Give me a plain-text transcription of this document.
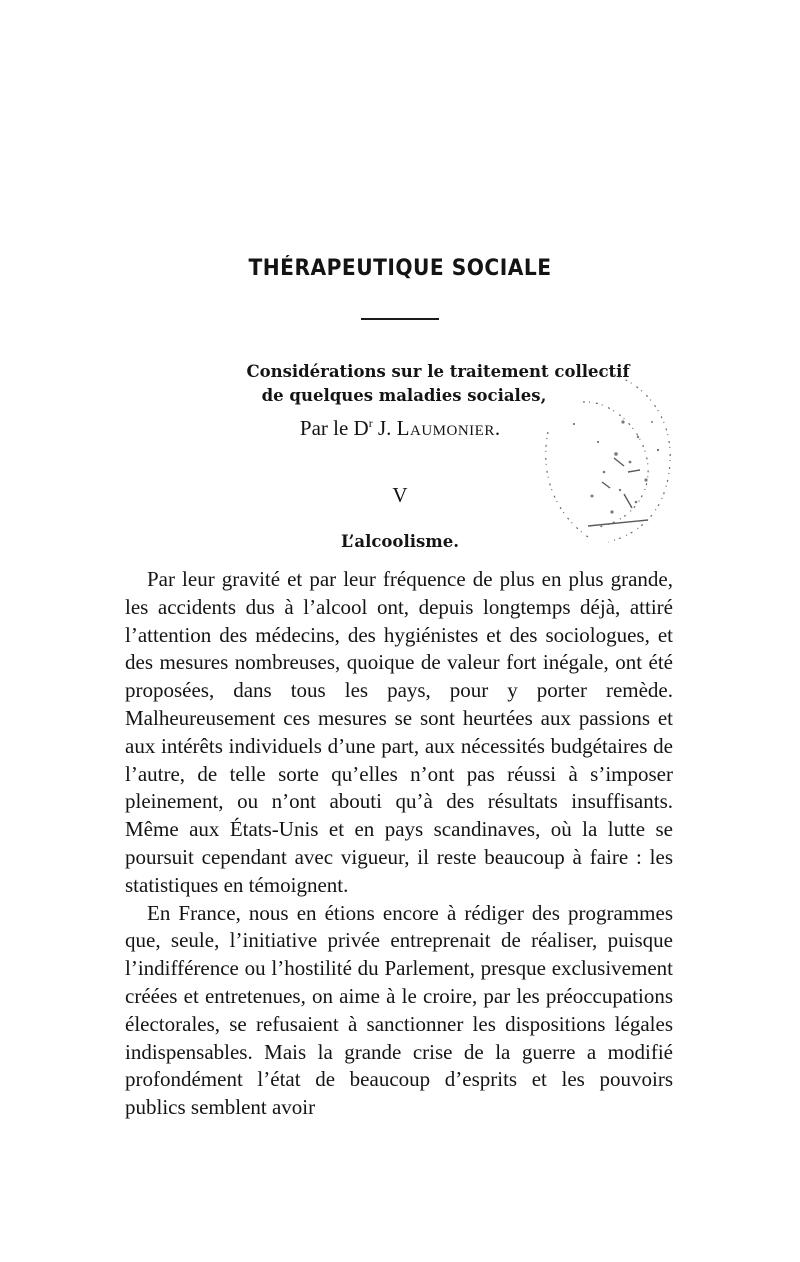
THÉRAPEUTIQUE SOCIALE
Considérations sur le traitement collectif
de quelques maladies sociales,
Par le $D^r$ J. Laumonier.
V
L’alcoolisme.

Par leur gravité et par leur fréquence de plus en plus grande, les accidents dus à l’alcool ont, depuis longtemps déjà, attiré l’attention des médecins, des hygiénistes et des sociologues, et des mesures nombreuses, quoique de valeur fort inégale, ont été proposées, dans tous les pays, pour y porter remède. Malheureusement ces mesures se sont heurtées aux passions et aux intérêts individuels d’une part, aux nécessités budgétaires de l’autre, de telle sorte qu’elles n’ont pas réussi à s’imposer pleinement, ou n’ont abouti qu’à des résultats insuffisants. Même aux États-Unis et en pays scandinaves, où la lutte se poursuit cependant avec vigueur, il reste beaucoup à faire : les statistiques en témoignent.

En France, nous en étions encore à rédiger des programmes que, seule, l’initiative privée entreprenait de réaliser, puisque l’indifférence ou l’hostilité du Parlement, presque exclusivement créées et entretenues, on aime à le croire, par les préoccupations électorales, se refusaient à sanctionner les dispositions légales indispensables. Mais la grande crise de la guerre a modifié profondément l’état de beaucoup d’esprits et les pouvoirs publics semblent avoir
